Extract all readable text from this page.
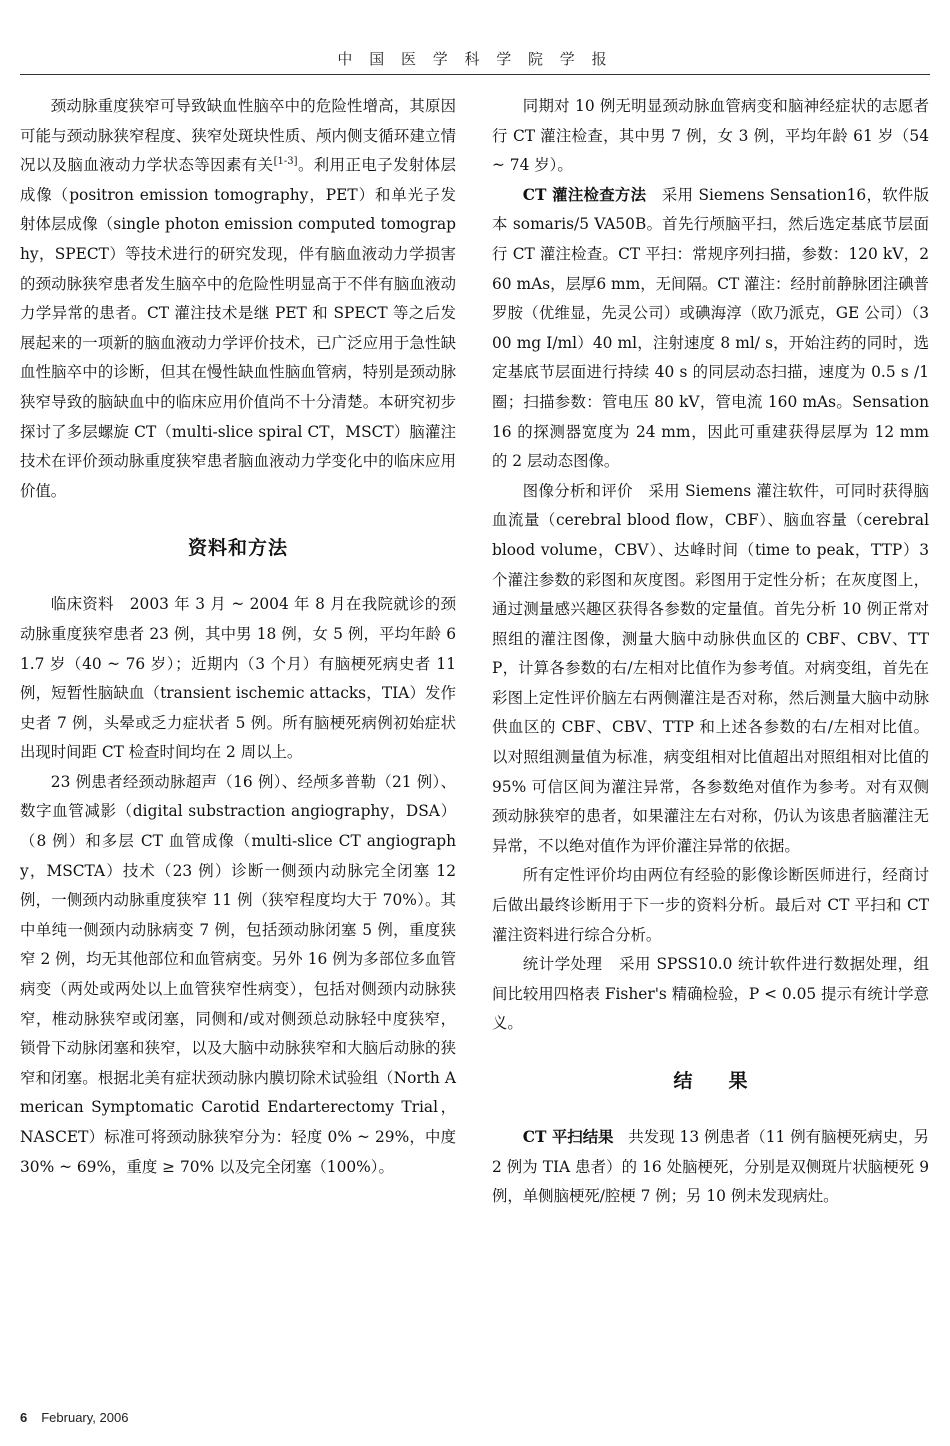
中 国 医 学 科 学 院 学 报

颈动脉重度狭窄可导致缺血性脑卒中的危险性增高，其原因可能与颈动脉狭窄程度、狭窄处斑块性质、颅内侧支循环建立情况以及脑血液动力学状态等因素有关[1-3]。利用正电子发射体层成像（positron emission tomography，PET）和单光子发射体层成像（single photon emission computed tomography，SPECT）等技术进行的研究发现，伴有脑血液动力学损害的颈动脉狭窄患者发生脑卒中的危险性明显高于不伴有脑血液动力学异常的患者。CT 灌注技术是继 PET 和 SPECT 等之后发展起来的一项新的脑血液动力学评价技术，已广泛应用于急性缺血性脑卒中的诊断，但其在慢性缺血性脑血管病，特别是颈动脉狭窄导致的脑缺血中的临床应用价值尚不十分清楚。本研究初步探讨了多层螺旋 CT（multi-slice spiral CT，MSCT）脑灌注技术在评价颈动脉重度狭窄患者脑血液动力学变化中的临床应用价值。

资料和方法

临床资料 2003 年 3 月 ~ 2004 年 8 月在我院就诊的颈动脉重度狭窄患者 23 例，其中男 18 例，女 5 例，平均年龄 61.7 岁（40 ~ 76 岁）；近期内（3 个月）有脑梗死病史者 11 例，短暂性脑缺血（transient ischemic attacks，TIA）发作史者 7 例，头晕或乏力症状者 5 例。所有脑梗死病例初始症状出现时间距 CT 检查时间均在 2 周以上。

23 例患者经颈动脉超声（16 例）、经颅多普勒（21 例）、数字血管减影（digital substraction angiography，DSA）（8 例）和多层 CT 血管成像（multi-slice CT angiography，MSCTA）技术（23 例）诊断一侧颈内动脉完全闭塞 12 例，一侧颈内动脉重度狭窄 11 例（狭窄程度均大于 70%）。其中单纯一侧颈内动脉病变 7 例，包括颈动脉闭塞 5 例，重度狭窄 2 例，均无其他部位和血管病变。另外 16 例为多部位多血管病变（两处或两处以上血管狭窄性病变），包括对侧颈内动脉狭窄，椎动脉狭窄或闭塞，同侧和/或对侧颈总动脉轻中度狭窄，锁骨下动脉闭塞和狭窄，以及大脑中动脉狭窄和大脑后动脉的狭窄和闭塞。根据北美有症状颈动脉内膜切除术试验组（North American Symptomatic Carotid Endarterectomy Trial，NASCET）标准可将颈动脉狭窄分为：轻度 0% ~ 29%，中度 30% ~ 69%，重度 ≥ 70% 以及完全闭塞（100%）。

同期对 10 例无明显颈动脉血管病变和脑神经症状的志愿者行 CT 灌注检查，其中男 7 例，女 3 例，平均年龄 61 岁（54 ~ 74 岁）。

CT 灌注检查方法 采用 Siemens Sensation16，软件版本 somaris/5 VA50B。首先行颅脑平扫，然后选定基底节层面行 CT 灌注检查。CT 平扫：常规序列扫描，参数：120 kV，260 mAs，层厚6 mm，无间隔。CT 灌注：经肘前静脉团注碘普罗胺（优维显，先灵公司）或碘海淳（欧乃派克，GE 公司）（300 mg I/ml）40 ml，注射速度 8 ml/ s，开始注药的同时，选定基底节层面进行持续 40 s 的同层动态扫描，速度为 0.5 s /1 圈；扫描参数：管电压 80 kV，管电流 160 mAs。Sensation 16 的探测器宽度为 24 mm，因此可重建获得层厚为 12 mm 的 2 层动态图像。

图像分析和评价 采用 Siemens 灌注软件，可同时获得脑血流量（cerebral blood flow，CBF）、脑血容量（cerebral blood volume，CBV）、达峰时间（time to peak，TTP）3 个灌注参数的彩图和灰度图。彩图用于定性分析；在灰度图上，通过测量感兴趣区获得各参数的定量值。首先分析 10 例正常对照组的灌注图像，测量大脑中动脉供血区的 CBF、CBV、TTP，计算各参数的右/左相对比值作为参考值。对病变组，首先在彩图上定性评价脑左右两侧灌注是否对称，然后测量大脑中动脉供血区的 CBF、CBV、TTP 和上述各参数的右/左相对比值。以对照组测量值为标准，病变组相对比值超出对照组相对比值的 95% 可信区间为灌注异常，各参数绝对值作为参考。对有双侧颈动脉狭窄的患者，如果灌注左右对称，仍认为该患者脑灌注无异常，不以绝对值作为评价灌注异常的依据。

所有定性评价均由两位有经验的影像诊断医师进行，经商讨后做出最终诊断用于下一步的资料分析。最后对 CT 平扫和 CT 灌注资料进行综合分析。

统计学处理 采用 SPSS10.0 统计软件进行数据处理，组间比较用四格表 Fisher's 精确检验，P < 0.05 提示有统计学意义。

结果

CT 平扫结果 共发现 13 例患者（11 例有脑梗死病史，另 2 例为 TIA 患者）的 16 处脑梗死，分别是双侧斑片状脑梗死 9 例，单侧脑梗死/腔梗 7 例；另 10 例未发现病灶。

6 February, 2006
